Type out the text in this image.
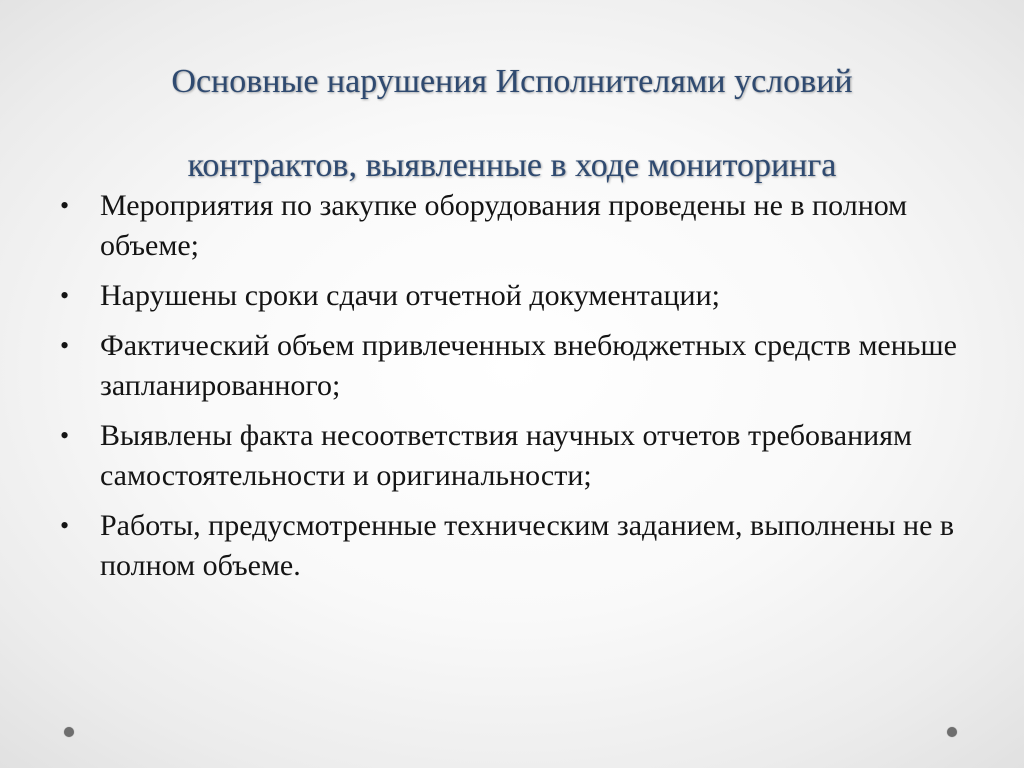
Основные нарушения Исполнителями условий
контрактов, выявленные в ходе мониторинга
•	Мероприятия по закупке оборудования проведены не в полном объеме;
•	Нарушены сроки сдачи отчетной документации;
•	Фактический объем привлеченных внебюджетных средств меньше запланированного;
•	Выявлены факта несоответствия научных отчетов требованиям самостоятельности и оригинальности;
•	Работы, предусмотренные техническим заданием, выполнены не в полном объеме.
